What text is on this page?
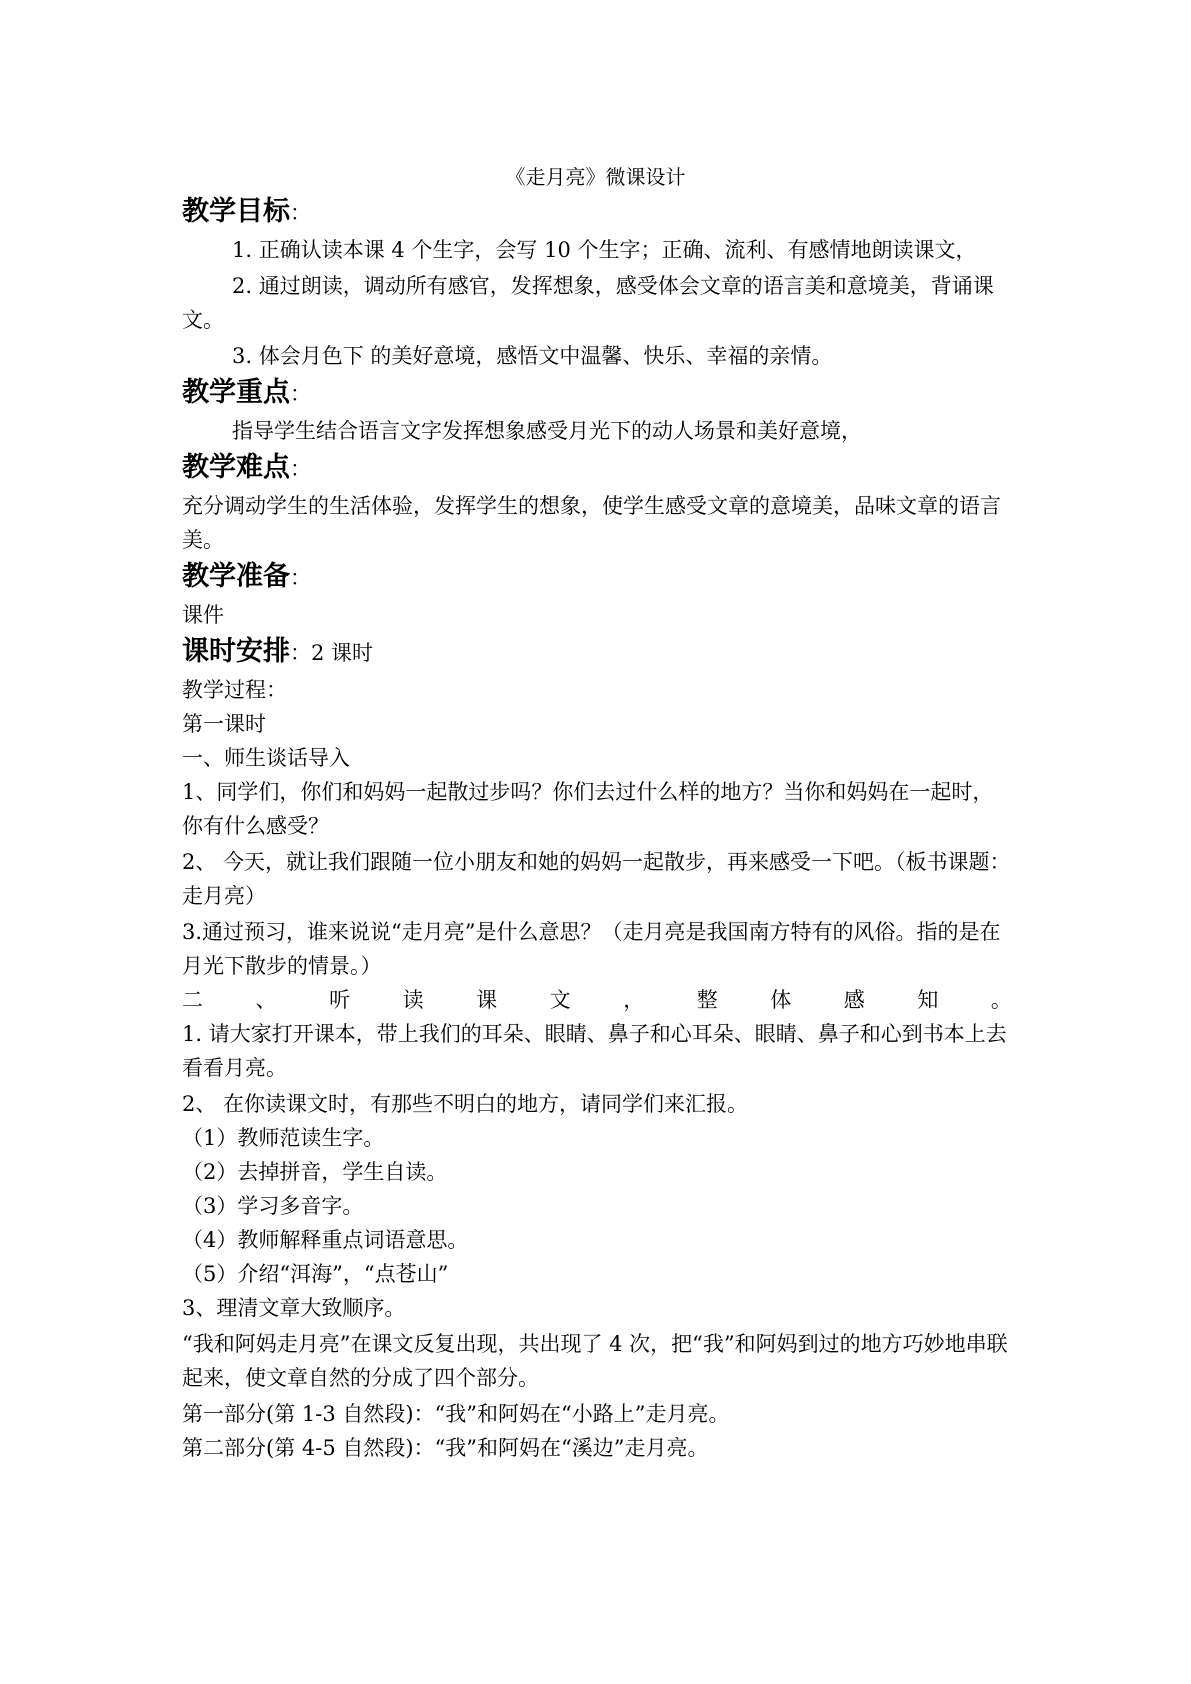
《走月亮》微课设计
教学目标：

1. 正确认读本课 4 个生字，会写 10 个生字；正确、流利、有感情地朗读课文，

2. 通过朗读，调动所有感官，发挥想象，感受体会文章的语言美和意境美，背诵课文。

3. 体会月色下 的美好意境，感悟文中温馨、快乐、幸福的亲情。

教学重点：

指导学生结合语言文字发挥想象感受月光下的动人场景和美好意境，

教学难点：

充分调动学生的生活体验，发挥学生的想象，使学生感受文章的意境美，品味文章的语言美。

教学准备：

课件

课时安排：2 课时

教学过程：

第一课时

一、师生谈话导入

1、同学们，你们和妈妈一起散过步吗？你们去过什么样的地方？当你和妈妈在一起时，你有什么感受？

2、 今天，就让我们跟随一位小朋友和她的妈妈一起散步，再来感受一下吧。（板书课题：走月亮）

3.通过预习，谁来说说“走月亮”是什么意思？（走月亮是我国南方特有的风俗。指的是在月光下散步的情景。）

二	、	听	读	课	文	，	整	体	感	知	。

1. 请大家打开课本，带上我们的耳朵、眼睛、鼻子和心耳朵、眼睛、鼻子和心到书本上去看看月亮。

2、 在你读课文时，有那些不明白的地方，请同学们来汇报。

（1）教师范读生字。

（2）去掉拼音，学生自读。

（3）学习多音字。

（4）教师解释重点词语意思。

（5）介绍“洱海”，“点苍山”

3、理清文章大致顺序。

“我和阿妈走月亮”在课文反复出现，共出现了 4 次，把“我”和阿妈到过的地方巧妙地串联起来，使文章自然的分成了四个部分。

第一部分(第 1-3 自然段)：“我”和阿妈在“小路上”走月亮。

第二部分(第 4-5 自然段)：“我”和阿妈在“溪边”走月亮。
